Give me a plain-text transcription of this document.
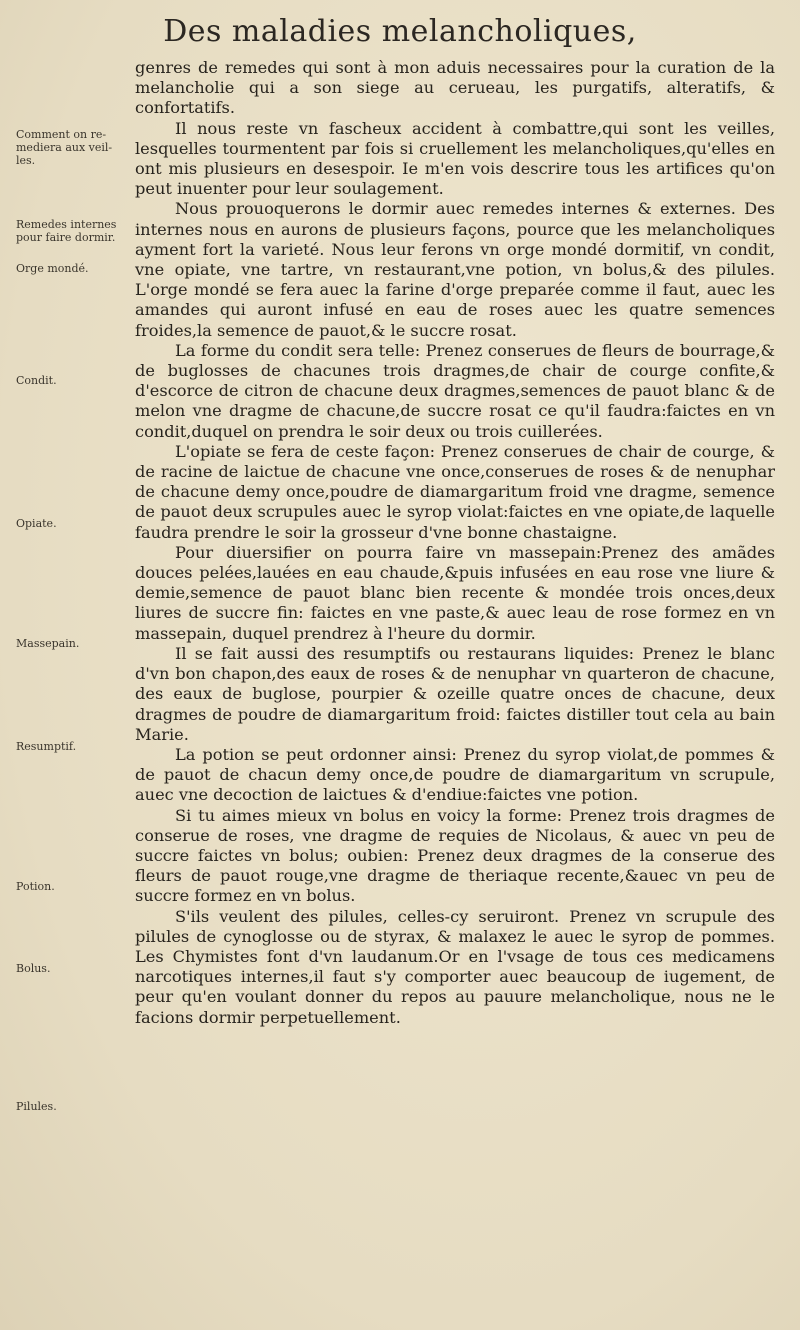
Des maladies melancholiques,
Comment on re-mediera aux veil-les.
Remedes internes pour faire dormir.
Orge mondé.
Condit.
Opiate.
Massepain.
Resumptif.
Potion.
Bolus.
Pilules.

genres de remedes qui sont à mon aduis necessaires pour la curation de la melancholie qui a son siege au cerueau, les purgatifs, alteratifs, & confortatifs.

Il nous reste vn fascheux accident à combattre,qui sont les veilles, lesquelles tourmentent par fois si cruellement les melancholiques,qu'elles en ont mis plusieurs en desespoir. Ie m'en vois descrire tous les artifices qu'on peut inuenter pour leur soulagement.

Nous prouoquerons le dormir auec remedes internes & externes. Des internes nous en aurons de plusieurs façons, pource que les melancholiques ayment fort la varieté. Nous leur ferons vn orge mondé dormitif, vn condit, vne opiate, vne tartre, vn restaurant,vne potion, vn bolus,& des pilules. L'orge mondé se fera auec la farine d'orge preparée comme il faut, auec les amandes qui auront infusé en eau de roses auec les quatre semences froides,la semence de pauot,& le succre rosat.

La forme du condit sera telle: Prenez conserues de fleurs de bourrage,& de buglosses de chacunes trois dragmes,de chair de courge confite,& d'escorce de citron de chacune deux dragmes,semences de pauot blanc & de melon vne dragme de chacune,de succre rosat ce qu'il faudra:faictes en vn condit,duquel on prendra le soir deux ou trois cuillerées.

L'opiate se fera de ceste façon: Prenez conserues de chair de courge, & de racine de laictue de chacune vne once,conserues de roses & de nenuphar de chacune demy once,poudre de diamargaritum froid vne dragme, semence de pauot deux scrupules auec le syrop violat:faictes en vne opiate,de laquelle faudra prendre le soir la grosseur d'vne bonne chastaigne.

Pour diuersifier on pourra faire vn massepain:Prenez des amãdes douces pelées,lauées en eau chaude,&puis infusées en eau rose vne liure & demie,semence de pauot blanc bien recente & mondée trois onces,deux liures de succre fin: faictes en vne paste,& auec leau de rose formez en vn massepain, duquel prendrez à l'heure du dormir.

Il se fait aussi des resumptifs ou restaurans liquides: Prenez le blanc d'vn bon chapon,des eaux de roses & de nenuphar vn quarteron de chacune, des eaux de buglose, pourpier & ozeille quatre onces de chacune, deux dragmes de poudre de diamargaritum froid: faictes distiller tout cela au bain Marie.

La potion se peut ordonner ainsi: Prenez du syrop violat,de pommes & de pauot de chacun demy once,de poudre de diamargaritum vn scrupule, auec vne decoction de laictues & d'endiue:faictes vne potion.

Si tu aimes mieux vn bolus en voicy la forme: Prenez trois dragmes de conserue de roses, vne dragme de requies de Nicolaus, & auec vn peu de succre faictes vn bolus; oubien: Prenez deux dragmes de la conserue des fleurs de pauot rouge,vne dragme de theriaque recente,&auec vn peu de succre formez en vn bolus.

S'ils veulent des pilules, celles-cy seruiront. Prenez vn scrupule des pilules de cynoglosse ou de styrax, & malaxez le auec le syrop de pommes. Les Chymistes font d'vn laudanum.Or en l'vsage de tous ces medicamens narcotiques internes,il faut s'y comporter auec beaucoup de iugement, de peur qu'en voulant donner du repos au pauure melancholique, nous ne le facions dormir perpetuellement.
